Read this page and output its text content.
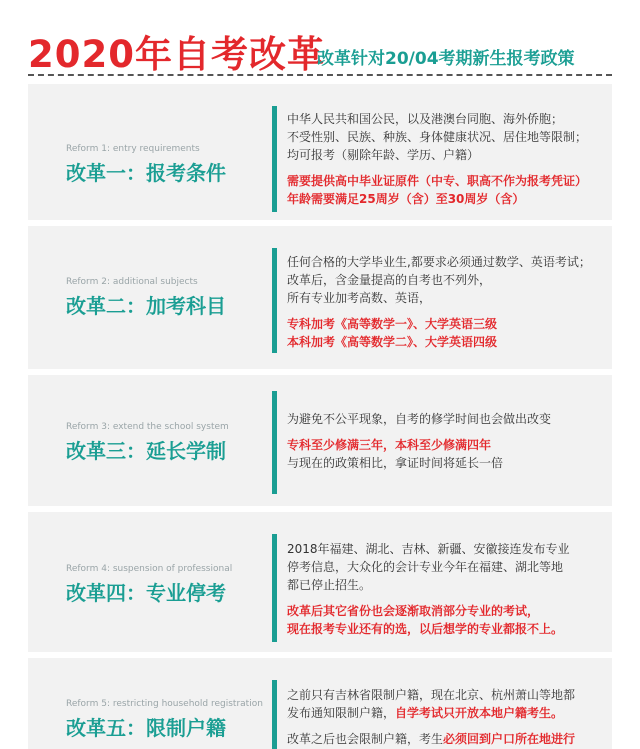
2020年自考改革
改革针对20/04考期新生报考政策
Reform 1: entry requirements
改革一：报考条件

中华人民共和国公民，以及港澳台同胞、海外侨胞；

不受性别、民族、种族、身体健康状况、居住地等限制；

均可报考（剔除年龄、学历、户籍）

需要提供高中毕业证原件（中专、职高不作为报考凭证）

年龄需要满足25周岁（含）至30周岁（含）

Reform 2: additional subjects
改革二：加考科目

任何合格的大学毕业生,都要求必须通过数学、英语考试；

改革后，含金量提高的自考也不列外，

所有专业加考高数、英语，

专科加考《高等数学一》、大学英语三级

本科加考《高等数学二》、大学英语四级

Reform 3: extend the school system
改革三：延长学制

为避免不公平现象，自考的修学时间也会做出改变

专科至少修满三年，本科至少修满四年

与现在的政策相比，拿证时间将延长一倍

Reform 4: suspension of professional
改革四：专业停考

2018年福建、湖北、吉林、新疆、安徽接连发布专业

停考信息，大众化的会计专业今年在福建、湖北等地

都已停止招生。

改革后其它省份也会逐渐取消部分专业的考试，

现在报考专业还有的选，以后想学的专业都报不上。

Reform 5: restricting household registration
改革五：限制户籍

之前只有吉林省限制户籍，现在北京、杭州萧山等地都

发布通知限制户籍，自学考试只开放本地户籍考生。

改革之后也会限制户籍，考生必须回到户口所在地进行
